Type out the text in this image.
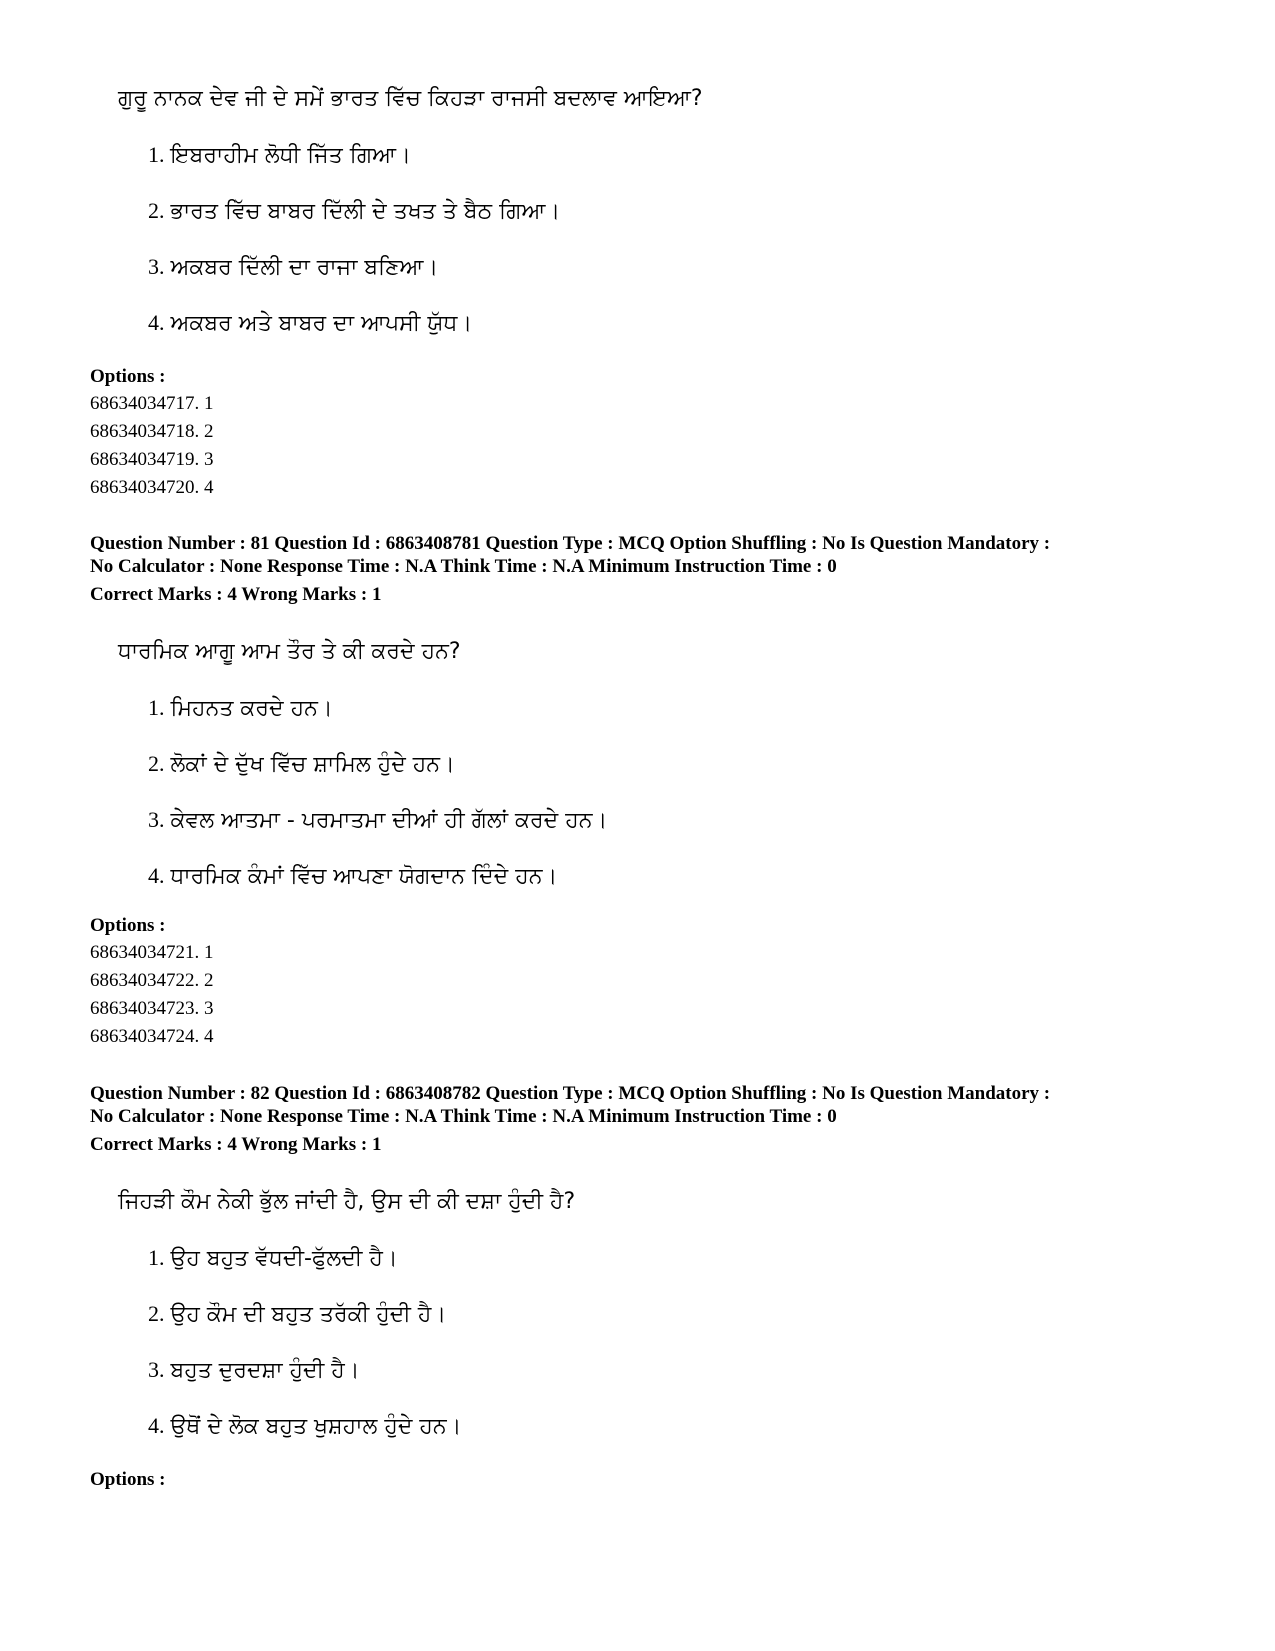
ਗੁਰੂ ਨਾਨਕ ਦੇਵ ਜੀ ਦੇ ਸਮੇਂ ਭਾਰਤ ਵਿੱਚ ਕਿਹੜਾ ਰਾਜਸੀ ਬਦਲਾਵ ਆਇਆ?
1. ਇਬਰਾਹੀਮ ਲੋਧੀ ਜਿੱਤ ਗਿਆ।
2. ਭਾਰਤ ਵਿੱਚ ਬਾਬਰ ਦਿੱਲੀ ਦੇ ਤਖਤ ਤੇ ਬੈਠ ਗਿਆ।
3. ਅਕਬਰ ਦਿੱਲੀ ਦਾ ਰਾਜਾ ਬਣਿਆ।
4. ਅਕਬਰ ਅਤੇ ਬਾਬਰ ਦਾ ਆਪਸੀ ਯੁੱਧ।
Options :
68634034717. 1
68634034718. 2
68634034719. 3
68634034720. 4
Question Number : 81 Question Id : 6863408781 Question Type : MCQ Option Shuffling : No Is Question Mandatory :
No Calculator : None Response Time : N.A Think Time : N.A Minimum Instruction Time : 0
Correct Marks : 4 Wrong Marks : 1
ਧਾਰਮਿਕ ਆਗੂ ਆਮ ਤੌਰ ਤੇ ਕੀ ਕਰਦੇ ਹਨ?
1. ਮਿਹਨਤ ਕਰਦੇ ਹਨ।
2. ਲੋਕਾਂ ਦੇ ਦੁੱਖ ਵਿੱਚ ਸ਼ਾਮਿਲ ਹੁੰਦੇ ਹਨ।
3. ਕੇਵਲ ਆਤਮਾ - ਪਰਮਾਤਮਾ ਦੀਆਂ ਹੀ ਗੱਲਾਂ ਕਰਦੇ ਹਨ।
4. ਧਾਰਮਿਕ ਕੰਮਾਂ ਵਿੱਚ ਆਪਣਾ ਯੋਗਦਾਨ ਦਿੰਦੇ ਹਨ।
Options :
68634034721. 1
68634034722. 2
68634034723. 3
68634034724. 4
Question Number : 82 Question Id : 6863408782 Question Type : MCQ Option Shuffling : No Is Question Mandatory :
No Calculator : None Response Time : N.A Think Time : N.A Minimum Instruction Time : 0
Correct Marks : 4 Wrong Marks : 1
ਜਿਹੜੀ ਕੌਮ ਨੇਕੀ ਭੁੱਲ ਜਾਂਦੀ ਹੈ, ਉਸ ਦੀ ਕੀ ਦਸ਼ਾ ਹੁੰਦੀ ਹੈ?
1. ਉਹ ਬਹੁਤ ਵੱਧਦੀ-ਫੁੱਲਦੀ ਹੈ।
2. ਉਹ ਕੌਮ ਦੀ ਬਹੁਤ ਤਰੱਕੀ ਹੁੰਦੀ ਹੈ।
3. ਬਹੁਤ ਦੁਰਦਸ਼ਾ ਹੁੰਦੀ ਹੈ।
4. ਉਥੋਂ ਦੇ ਲੋਕ ਬਹੁਤ ਖੁਸ਼ਹਾਲ ਹੁੰਦੇ ਹਨ।
Options :
